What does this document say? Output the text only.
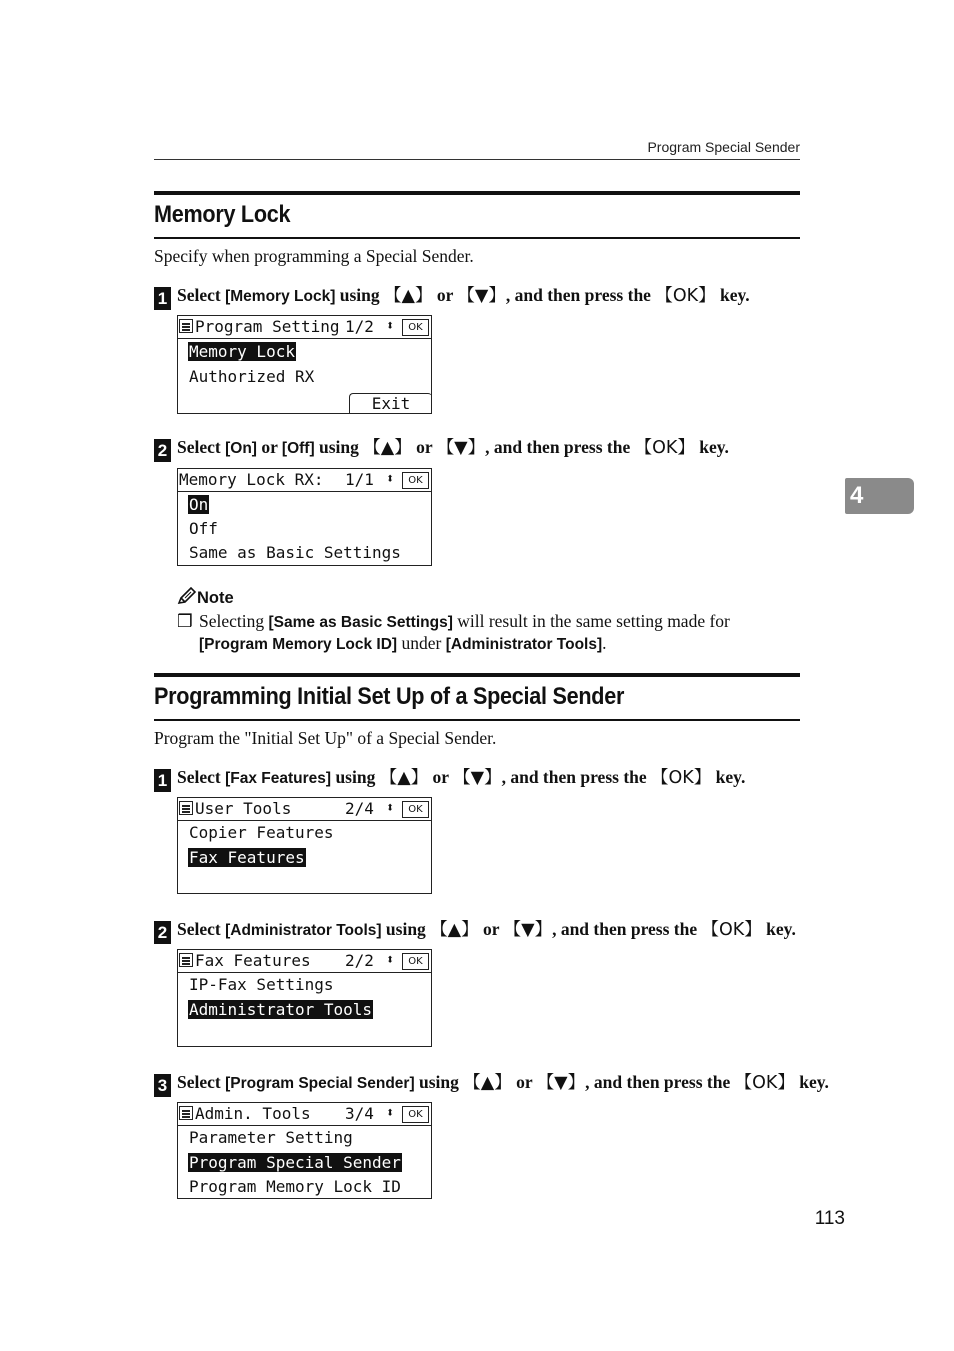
Program Special Sender
4
Memory Lock
Specify when programming a Special Sender.
1 Select [Memory Lock] using 【▲】 or 【▼】, and then press the 【OK】 key.
Program Setting 1/2 ⬍	OK
Memory Lock
Authorized RX
Exit
2 Select [On] or [Off] using 【▲】 or 【▼】, and then press the 【OK】 key.
Memory Lock RX: 1/1 ⬍	OK
On
Off
Same as Basic Settings
Note
❒ Selecting [Same as Basic Settings] will result in the same setting made for
[Program Memory Lock ID] under [Administrator Tools].
Programming Initial Set Up of a Special Sender
Program the "Initial Set Up" of a Special Sender.
1 Select [Fax Features] using 【▲】 or 【▼】, and then press the 【OK】 key.
User Tools	2/4 ⬍	OK
Copier Features
Fax Features
2 Select [Administrator Tools] using 【▲】 or 【▼】, and then press the 【OK】 key.
Fax Features 2/2 ⬍	OK
IP-Fax Settings
Administrator Tools
3 Select [Program Special Sender] using 【▲】 or 【▼】, and then press the 【OK】 key.
Admin. Tools 3/4 ⬍	OK
Parameter Setting
Program Special Sender
Program Memory Lock ID
113
